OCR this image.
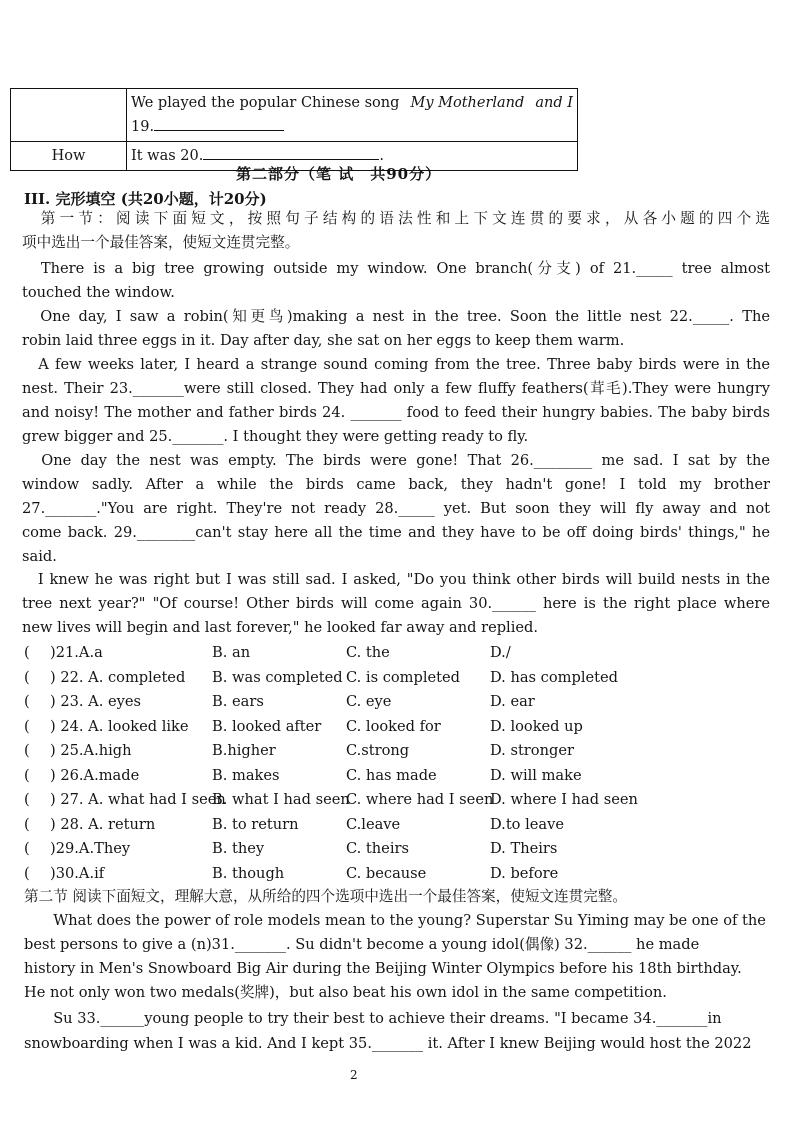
	We played the popular Chinese song My Motherland and I
19.

How	It was 20. .
第二部分（笔 试　共90分）
III. 完形填空 (共20小题，计20分)
　第一节：阅读下面短文，按照句子结构的语法性和上下文连贯的要求，从各小题的四个选
项中选出一个最佳答案，使短文连贯完整。
　There is a big tree growing outside my window. One branch(分支) of 21._____ tree almost
touched the window.
　One day, I saw a robin(知更鸟)making a nest in the tree. Soon the little nest 22._____. The
robin laid three eggs in it. Day after day, she sat on her eggs to keep them warm.
　A few weeks later, I heard a strange sound coming from the tree. Three baby birds were in the
nest. Their 23._______were still closed. They had only a few fluffy feathers(茸毛).They were hungry
and noisy! The mother and father birds 24. _______ food to feed their hungry babies. The baby birds
grew bigger and 25._______. I thought they were getting ready to fly.
　One day the nest was empty. The birds were gone! That 26.________ me sad. I sat by the
window sadly. After a while the birds came back, they hadn't gone! I told my brother
27._______."You are right. They're not ready 28._____ yet. But soon they will fly away and not
come back. 29.________can't stay here all the time and they have to be off doing birds' things," he
said.
　I knew he was right but I was still sad. I asked, "Do you think other birds will build nests in the
tree next year?" "Of course! Other birds will come again 30.______ here is the right place where
new lives will begin and last forever," he looked far away and replied.
( )21.A.a	B. an	C. the	D./
( ) 22. A. completed B. was completed C. is completed D. has completed
( ) 23. A. eyes	B. ears	C. eye	D. ear
( ) 24. A. looked like B. looked after C. looked for	D. looked up
( ) 25.A.high	B.higher	C.strong	D. stronger
( ) 26.A.made	B. makes	C. has made	D. will make
( ) 27. A. what had I seen
B. what I had seen
C. where had I seen
D. where I had seen
( ) 28. A. return	B. to return	C.leave	D.to leave
( )29.A.They	B. they	C. theirs	D. Theirs
( )30.A.if	B. though	C. because	D. before
第二节 阅读下面短文，理解大意，从所给的四个选项中选出一个最佳答案，使短文连贯完整。
　　What does the power of role models mean to the young? Superstar Su Yiming may be one of the
best persons to give a (n)31._______. Su didn't become a young idol(偶像) 32.______ he made
history in Men's Snowboard Big Air during the Beijing Winter Olympics before his 18th birthday.
He not only won two medals(奖牌)，but also beat his own idol in the same competition.
　　Su 33.______young people to try their best to achieve their dreams. "I became 34._______in
snowboarding when I was a kid. And I kept 35._______ it. After I knew Beijing would host the 2022
2
